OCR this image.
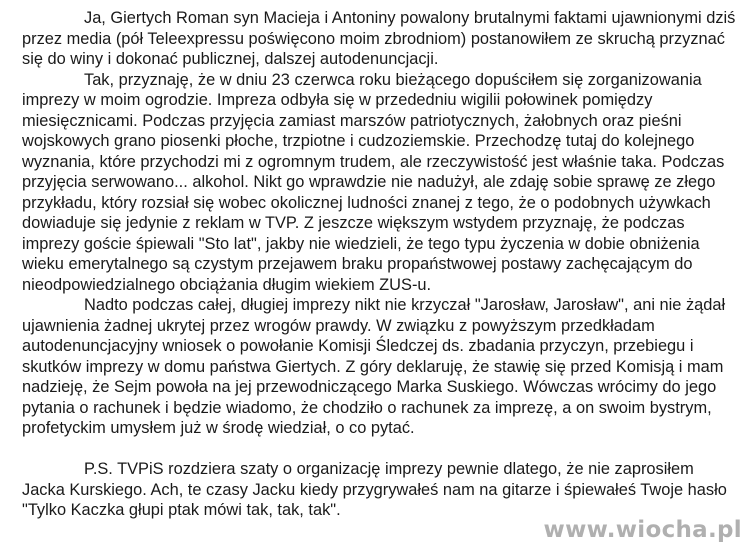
Ja, Giertych Roman syn Macieja i Antoniny powalony brutalnymi faktami ujawnionymi dziś przez media (pół Teleexpressu poświęcono moim zbrodniom) postanowiłem ze skruchą przyznać się do winy i dokonać publicznej, dalszej autodenuncjacji.

Tak, przyznaję, że w dniu 23 czerwca roku bieżącego dopuściłem się zorganizowania imprezy w moim ogrodzie. Impreza odbyła się w przededniu wigilii połowinek pomiędzy miesięcznicami. Podczas przyjęcia zamiast marszów patriotycznych, żałobnych oraz pieśni wojskowych grano piosenki płoche, trzpiotne i cudzoziemskie. Przechodzę tutaj do kolejnego wyznania, które przychodzi mi z ogromnym trudem, ale rzeczywistość jest właśnie taka. Podczas przyjęcia serwowano... alkohol. Nikt go wprawdzie nie nadużył, ale zdaję sobie sprawę ze złego przykładu, który rozsiał się wobec okolicznej ludności znanej z tego, że o podobnych używkach dowiaduje się jedynie z reklam w TVP. Z jeszcze większym wstydem przyznaję, że podczas imprezy goście śpiewali "Sto lat", jakby nie wiedzieli, że tego typu życzenia w dobie obniżenia wieku emerytalnego są czystym przejawem braku propaństwowej postawy zachęcającym do nieodpowiedzialnego obciążania długim wiekiem ZUS-u.

Nadto podczas całej, długiej imprezy nikt nie krzyczał "Jarosław, Jarosław", ani nie żądał ujawnienia żadnej ukrytej przez wrogów prawdy. W związku z powyższym przedkładam autodenuncjacyjny wniosek o powołanie Komisji Śledczej ds. zbadania przyczyn, przebiegu i skutków imprezy w domu państwa Giertych. Z góry deklaruję, że stawię się przed Komisją i mam nadzieję, że Sejm powoła na jej przewodniczącego Marka Suskiego. Wówczas wrócimy do jego pytania o rachunek i będzie wiadomo, że chodziło o rachunek za imprezę, a on swoim bystrym, profetyckim umysłem już w środę wiedział, o co pytać.

P.S. TVPiS rozdziera szaty o organizację imprezy pewnie dlatego, że nie zaprosiłem Jacka Kurskiego. Ach, te czasy Jacku kiedy przygrywałeś nam na gitarze i śpiewałeś Twoje hasło "Tylko Kaczka głupi ptak mówi tak, tak, tak".

www.wiocha.pl
